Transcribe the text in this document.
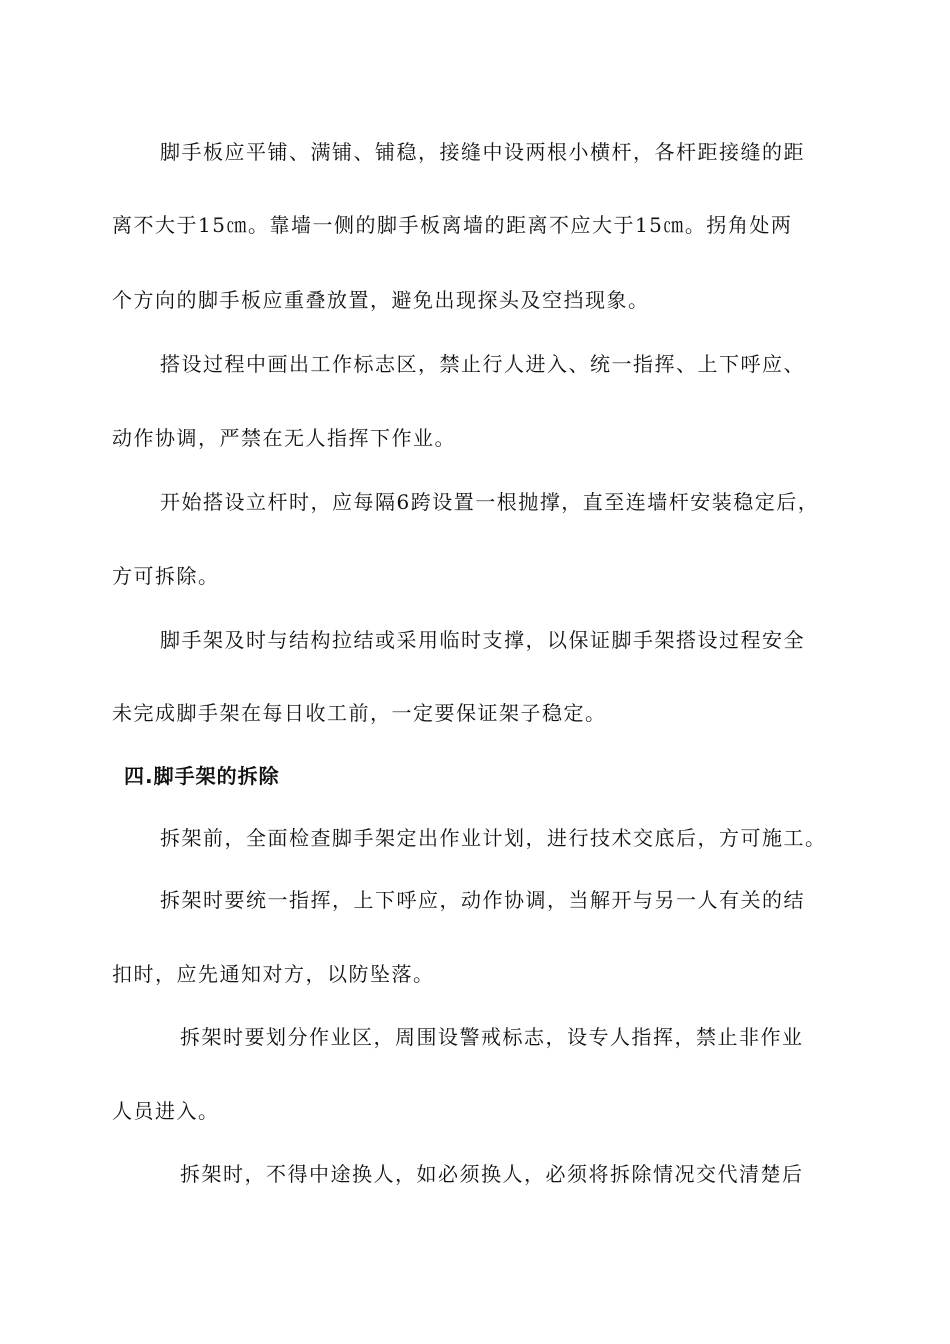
脚手板应平铺、满铺、铺稳，接缝中设两根小横杆，各杆距接缝的距
离不大于15㎝。靠墙一侧的脚手板离墙的距离不应大于15㎝。拐角处两
个方向的脚手板应重叠放置，避免出现探头及空挡现象。
搭设过程中画出工作标志区，禁止行人进入、统一指挥、上下呼应、
动作协调，严禁在无人指挥下作业。
开始搭设立杆时，应每隔6跨设置一根抛撑，直至连墙杆安装稳定后，
方可拆除。
脚手架及时与结构拉结或采用临时支撑，以保证脚手架搭设过程安全
未完成脚手架在每日收工前，一定要保证架子稳定。
四.脚手架的拆除
拆架前，全面检查脚手架定出作业计划，进行技术交底后，方可施工。
拆架时要统一指挥，上下呼应，动作协调，当解开与另一人有关的结
扣时，应先通知对方，以防坠落。
拆架时要划分作业区，周围设警戒标志，设专人指挥，禁止非作业
人员进入。
拆架时，不得中途换人，如必须换人，必须将拆除情况交代清楚后
